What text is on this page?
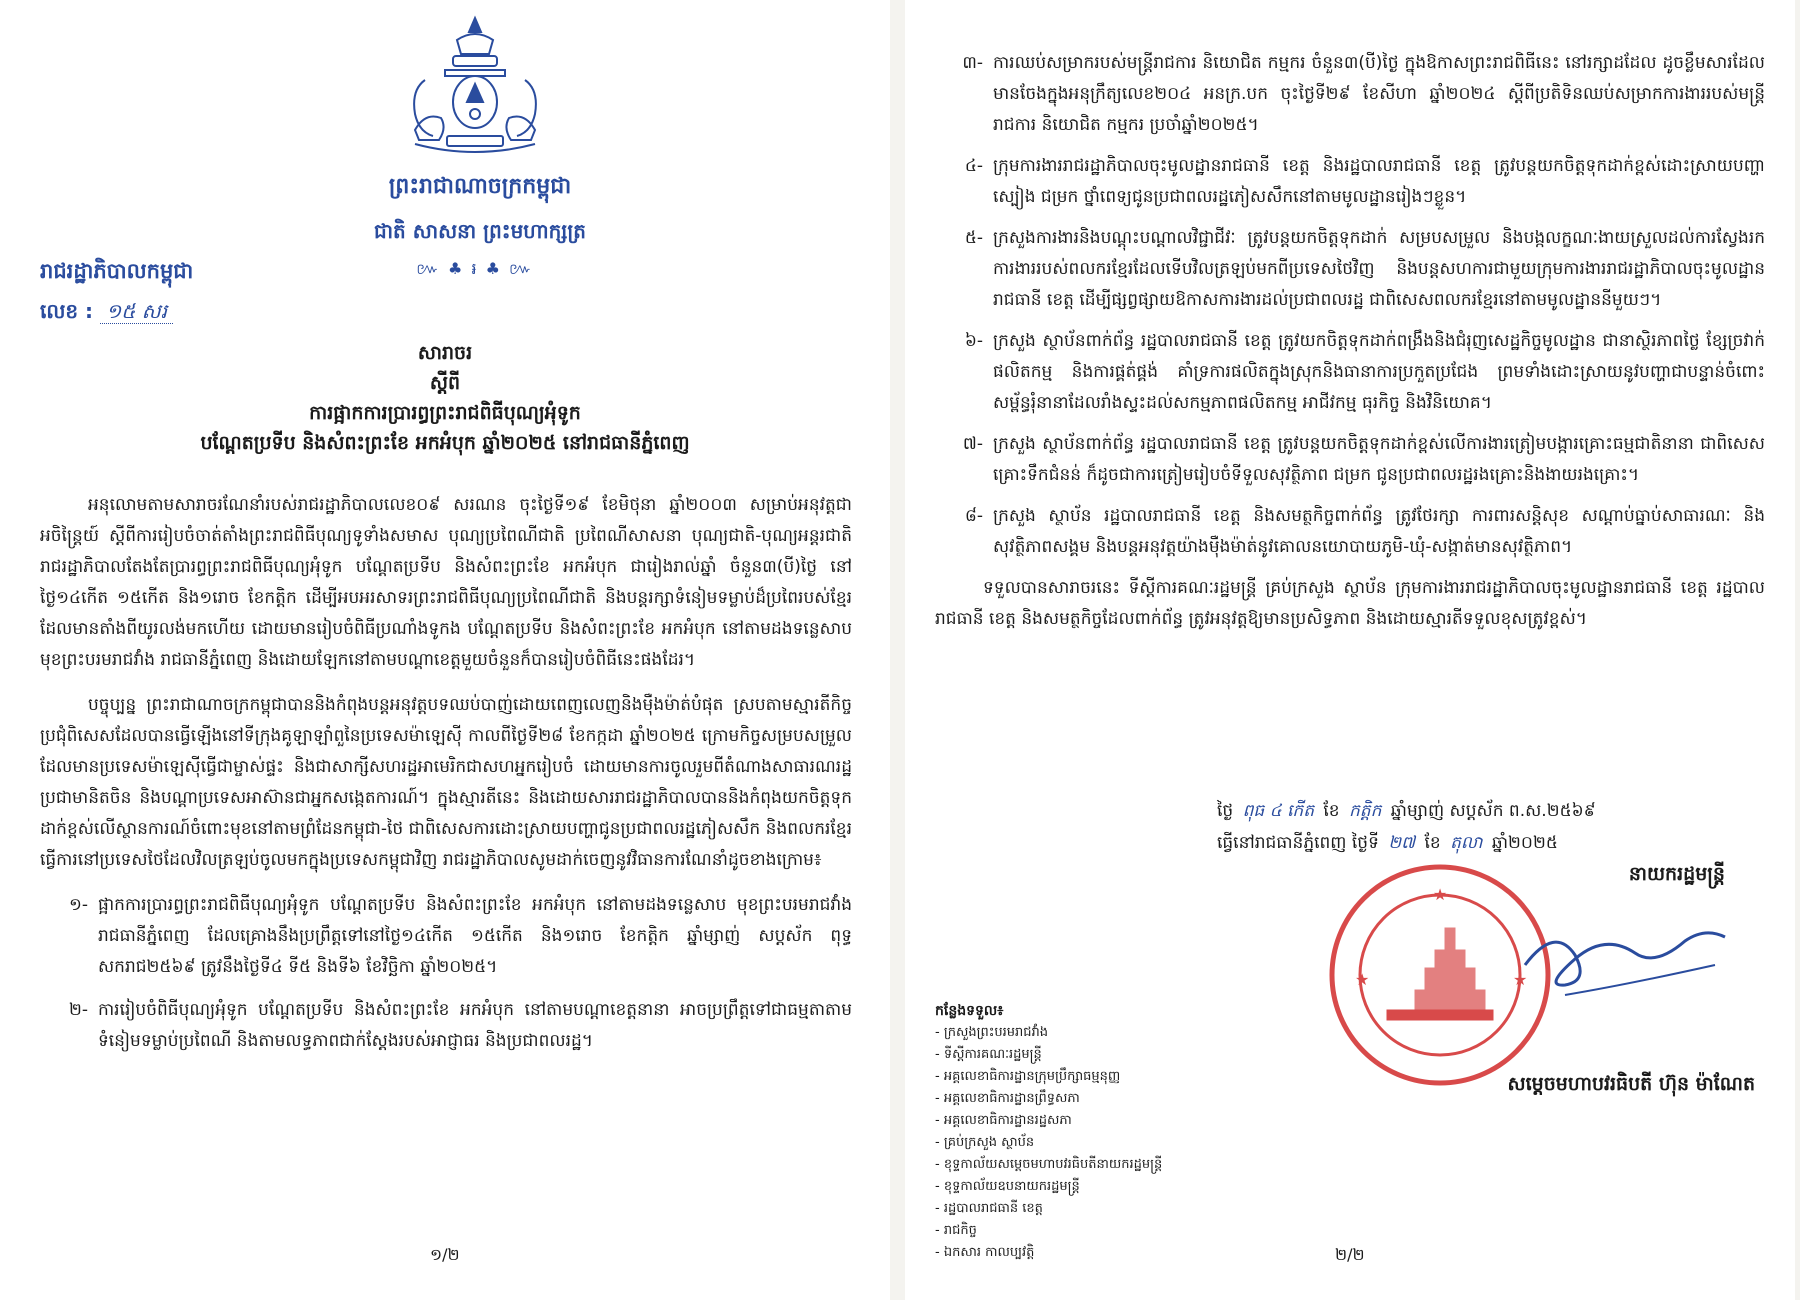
ព្រះរាជាណាចក្រកម្ពុជា
ជាតិ សាសនា ព្រះមហាក្សត្រ
៚ ♣ ៛ ♣ ៚
រាជរដ្ឋាភិបាលកម្ពុជា
លេខ : ១៥ សរ
សារាចរ
ស្តីពី
ការផ្អាកការប្រារព្ធព្រះរាជពិធីបុណ្យអុំទូក
បណ្តែតប្រទីប និងសំពះព្រះខែ អកអំបុក ឆ្នាំ២០២៥ នៅរាជធានីភ្នំពេញ

អនុលោមតាមសារាចរណែនាំរបស់រាជរដ្ឋាភិបាលលេខ០៩ សរណន ចុះថ្ងៃទី១៩ ខែមិថុនា ឆ្នាំ២០០៣ សម្រាប់អនុវត្តជាអចិន្ត្រៃយ៍ ស្តីពីការរៀបចំចាត់តាំងព្រះរាជពិធីបុណ្យទូទាំងសមាស បុណ្យប្រពៃណីជាតិ ប្រពៃណីសាសនា បុណ្យជាតិ-បុណ្យអន្តរជាតិ រាជរដ្ឋាភិបាលតែងតែប្រារព្ធព្រះរាជពិធីបុណ្យអុំទូក បណ្តែតប្រទីប និងសំពះព្រះខែ អកអំបុក ជារៀងរាល់ឆ្នាំ ចំនួន៣(បី)ថ្ងៃ នៅថ្ងៃ១៤កើត ១៥កើត និង១រោច ខែកត្តិក ដើម្បីអបអរសាទរព្រះរាជពិធីបុណ្យប្រពៃណីជាតិ និងបន្តរក្សាទំនៀមទម្លាប់ដ៏ប្រពៃរបស់ខ្មែរដែលមានតាំងពីយូរលង់មកហើយ ដោយមានរៀបចំពិធីប្រណាំងទូកង បណ្តែតប្រទីប និងសំពះព្រះខែ អកអំបុក នៅតាមដងទន្លេសាប មុខព្រះបរមរាជវាំង រាជធានីភ្នំពេញ និងដោយឡែកនៅតាមបណ្តាខេត្តមួយចំនួនក៏បានរៀបចំពិធីនេះផងដែរ។

បច្ចុប្បន្ន ព្រះរាជាណាចក្រកម្ពុជាបាននិងកំពុងបន្តអនុវត្តបទឈប់បាញ់ដោយពេញលេញនិងម៉ឺងម៉ាត់បំផុត ស្របតាមស្មារតីកិច្ចប្រជុំពិសេសដែលបានធ្វើឡើងនៅទីក្រុងគូឡាឡាំពួនៃប្រទេសម៉ាឡេស៊ី កាលពីថ្ងៃទី២៨ ខែកក្កដា ឆ្នាំ២០២៥ ក្រោមកិច្ចសម្របសម្រួលដែលមានប្រទេសម៉ាឡេស៊ីធ្វើជាម្ចាស់ផ្ទះ និងជាសាក្សីសហរដ្ឋអាមេរិកជាសហអ្នករៀបចំ ដោយមានការចូលរួមពីតំណាងសាធារណរដ្ឋប្រជាមានិតចិន និងបណ្តាប្រទេសអាស៊ានជាអ្នកសង្កេតការណ៍។ ក្នុងស្មារតីនេះ និងដោយសាររាជរដ្ឋាភិបាលបាននិងកំពុងយកចិត្តទុកដាក់ខ្ពស់លើស្ថានការណ៍ចំពោះមុខនៅតាមព្រំដែនកម្ពុជា-ថៃ ជាពិសេសការដោះស្រាយបញ្ហាជូនប្រជាពលរដ្ឋភៀសសឹក និងពលករខ្មែរធ្វើការនៅប្រទេសថៃដែលវិលត្រឡប់ចូលមកក្នុងប្រទេសកម្ពុជាវិញ រាជរដ្ឋាភិបាលសូមដាក់ចេញនូវវិធានការណែនាំដូចខាងក្រោម៖

១- ផ្អាកការប្រារព្ធព្រះរាជពិធីបុណ្យអុំទូក បណ្តែតប្រទីប និងសំពះព្រះខែ អកអំបុក នៅតាមដងទន្លេសាប មុខព្រះបរមរាជវាំង រាជធានីភ្នំពេញ ដែលគ្រោងនឹងប្រព្រឹត្តទៅនៅថ្ងៃ១៤កើត ១៥កើត និង១រោច ខែកត្តិក ឆ្នាំម្សាញ់ សប្តស័ក ពុទ្ធសករាជ២៥៦៩ ត្រូវនឹងថ្ងៃទី៤ ទី៥ និងទី៦ ខែវិច្ឆិកា ឆ្នាំ២០២៥។
២- ការរៀបចំពិធីបុណ្យអុំទូក បណ្តែតប្រទីប និងសំពះព្រះខែ អកអំបុក នៅតាមបណ្តាខេត្តនានា អាចប្រព្រឹត្តទៅជាធម្មតាតាមទំនៀមទម្លាប់ប្រពៃណី និងតាមលទ្ធភាពជាក់ស្តែងរបស់អាជ្ញាធរ និងប្រជាពលរដ្ឋ។
១/២
៣- ការឈប់សម្រាករបស់មន្ត្រីរាជការ និយោជិត កម្មករ ចំនួន៣(បី)ថ្ងៃ ក្នុងឱកាសព្រះរាជពិធីនេះ នៅរក្សាដដែល ដូចខ្លឹមសារដែលមានចែងក្នុងអនុក្រឹត្យលេខ២០៤ អនក្រ.បក ចុះថ្ងៃទី២៩ ខែសីហា ឆ្នាំ២០២៤ ស្តីពីប្រតិទិនឈប់សម្រាកការងាររបស់មន្ត្រីរាជការ និយោជិត កម្មករ ប្រចាំឆ្នាំ២០២៥។
៤- ក្រុមការងាររាជរដ្ឋាភិបាលចុះមូលដ្ឋានរាជធានី ខេត្ត និងរដ្ឋបាលរាជធានី ខេត្ត ត្រូវបន្តយកចិត្តទុកដាក់ខ្ពស់ដោះស្រាយបញ្ហាស្បៀង ជម្រក ថ្នាំពេទ្យជូនប្រជាពលរដ្ឋភៀសសឹកនៅតាមមូលដ្ឋានរៀងៗខ្លួន។
៥- ក្រសួងការងារនិងបណ្តុះបណ្តាលវិជ្ជាជីវៈ ត្រូវបន្តយកចិត្តទុកដាក់ សម្របសម្រួល និងបង្កលក្ខណៈងាយស្រួលដល់ការស្វែងរកការងាររបស់ពលករខ្មែរដែលទើបវិលត្រឡប់មកពីប្រទេសថៃវិញ និងបន្តសហការជាមួយក្រុមការងាររាជរដ្ឋាភិបាលចុះមូលដ្ឋានរាជធានី ខេត្ត ដើម្បីផ្សព្វផ្សាយឱកាសការងារដល់ប្រជាពលរដ្ឋ ជាពិសេសពលករខ្មែរនៅតាមមូលដ្ឋាននីមួយៗ។
៦- ក្រសួង ស្ថាប័នពាក់ព័ន្ធ រដ្ឋបាលរាជធានី ខេត្ត ត្រូវយកចិត្តទុកដាក់ពង្រឹងនិងជំរុញសេដ្ឋកិច្ចមូលដ្ឋាន ជានាស្ថិរភាពថ្លៃ ខ្សែច្រវាក់ផលិតកម្ម និងការផ្គត់ផ្គង់ គាំទ្រការផលិតក្នុងស្រុកនិងធានាការប្រកួតប្រជែង ព្រមទាំងដោះស្រាយនូវបញ្ហាជាបន្ទាន់ចំពោះសម្ព័ន្ធរុំនានាដែលរាំងស្ទះដល់សកម្មភាពផលិតកម្ម អាជីវកម្ម ធុរកិច្ច និងវិនិយោគ។
៧- ក្រសួង ស្ថាប័នពាក់ព័ន្ធ រដ្ឋបាលរាជធានី ខេត្ត ត្រូវបន្តយកចិត្តទុកដាក់ខ្ពស់លើការងារត្រៀមបង្ការគ្រោះធម្មជាតិនានា ជាពិសេសគ្រោះទឹកជំនន់ ក៏ដូចជាការត្រៀមរៀបចំទីទួលសុវត្ថិភាព ជម្រក ជូនប្រជាពលរដ្ឋរងគ្រោះនិងងាយរងគ្រោះ។
៨- ក្រសួង ស្ថាប័ន រដ្ឋបាលរាជធានី ខេត្ត និងសមត្ថកិច្ចពាក់ព័ន្ធ ត្រូវថែរក្សា ការពារសន្តិសុខ សណ្តាប់ធ្នាប់សាធារណៈ និងសុវត្ថិភាពសង្គម និងបន្តអនុវត្តយ៉ាងម៉ឺងម៉ាត់នូវគោលនយោបាយភូមិ-ឃុំ-សង្កាត់មានសុវត្ថិភាព។
ទទួលបានសារាចរនេះ ទីស្តីការគណៈរដ្ឋមន្ត្រី គ្រប់ក្រសួង ស្ថាប័ន ក្រុមការងាររាជរដ្ឋាភិបាលចុះមូលដ្ឋានរាជធានី ខេត្ត រដ្ឋបាលរាជធានី ខេត្ត និងសមត្ថកិច្ចដែលពាក់ព័ន្ធ ត្រូវអនុវត្តឱ្យមានប្រសិទ្ធភាព និងដោយស្មារតីទទួលខុសត្រូវខ្ពស់។
ថ្ងៃ ពុធ ៤ កើត ខែ កត្តិក ឆ្នាំម្សាញ់ សប្តស័ក ព.ស.២៥៦៩
ធ្វើនៅរាជធានីភ្នំពេញ ថ្ងៃទី ២៧ ខែ តុលា ឆ្នាំ២០២៥
★
★	★
នាយករដ្ឋមន្ត្រី
សម្តេចមហាបវរធិបតី ហ៊ុន ម៉ាណែត
កន្លែងទទួល៖
- ក្រសួងព្រះបរមរាជវាំង
- ទីស្តីការគណៈរដ្ឋមន្ត្រី
- អគ្គលេខាធិការដ្ឋានក្រុមប្រឹក្សាធម្មនុញ្ញ
- អគ្គលេខាធិការដ្ឋានព្រឹទ្ធសភា
- អគ្គលេខាធិការដ្ឋានរដ្ឋសភា
- គ្រប់ក្រសួង ស្ថាប័ន
- ខុទ្ទកាល័យសម្តេចមហាបវរធិបតីនាយករដ្ឋមន្ត្រី
- ខុទ្ទកាល័យឧបនាយករដ្ឋមន្ត្រី
- រដ្ឋបាលរាជធានី ខេត្ត
- រាជកិច្ច
- ឯកសារ កាលប្បវត្តិ	២/២
